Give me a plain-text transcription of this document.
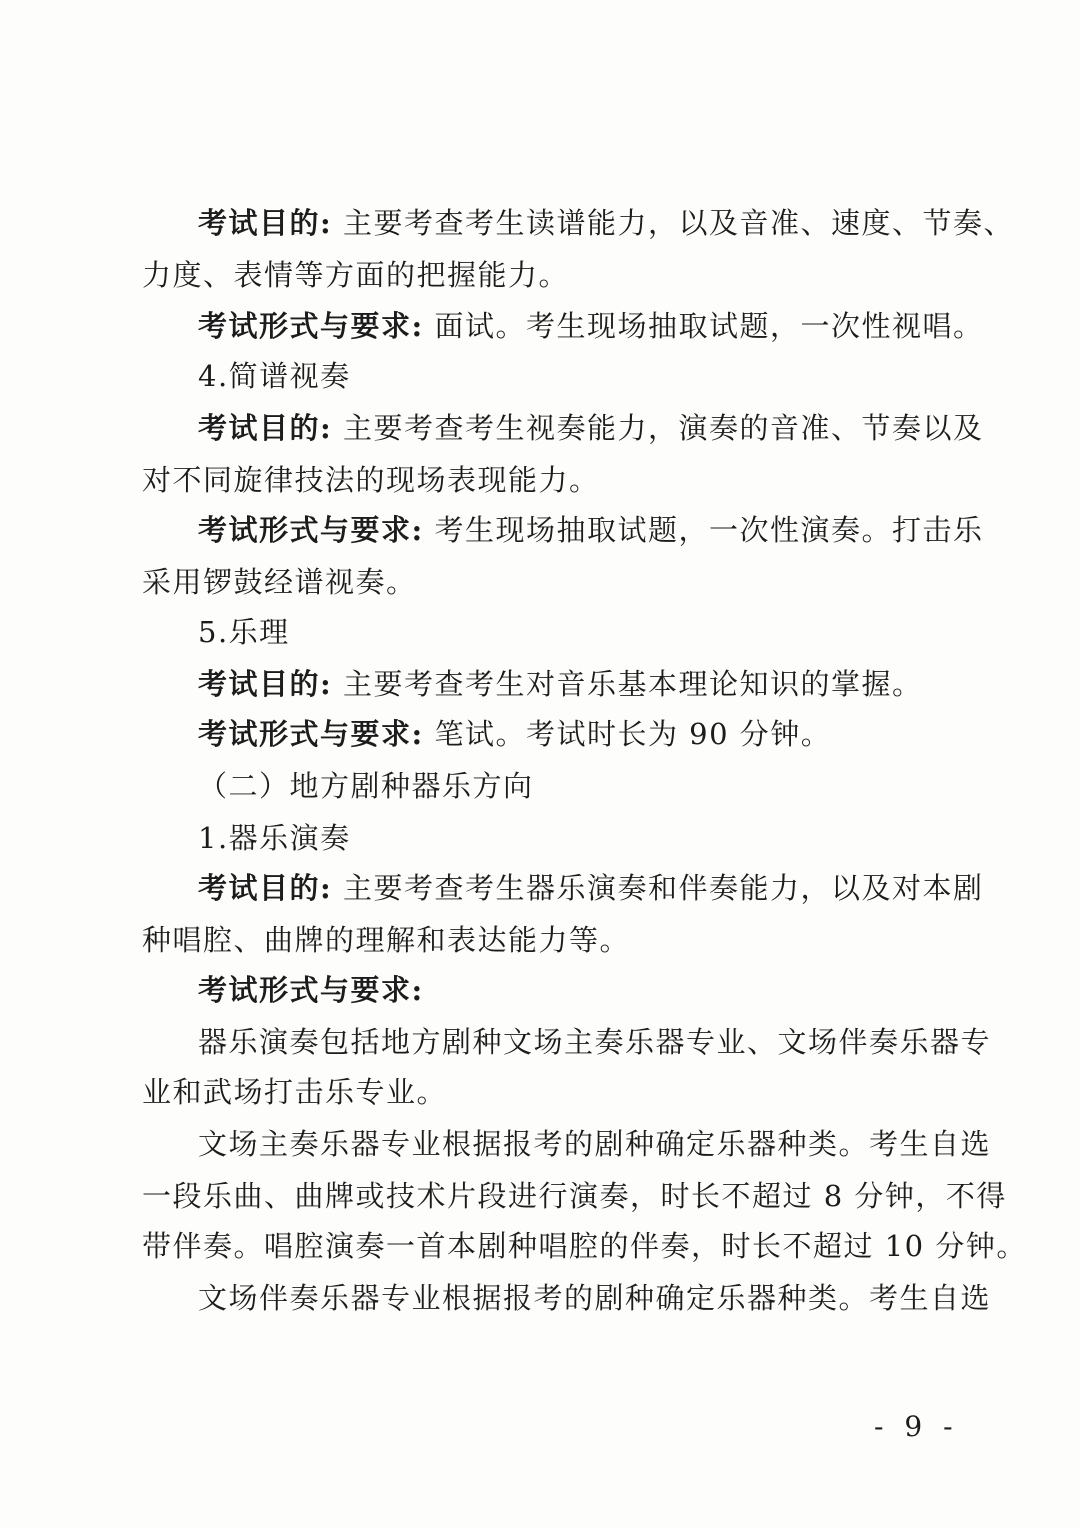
考试目的: 主要考查考生读谱能力，以及音准、速度、节奏、
力度、表情等方面的把握能力。
考试形式与要求: 面试。考生现场抽取试题，一次性视唱。
4.简谱视奏
考试目的: 主要考查考生视奏能力，演奏的音准、节奏以及
对不同旋律技法的现场表现能力。
考试形式与要求: 考生现场抽取试题，一次性演奏。打击乐
采用锣鼓经谱视奏。
5.乐理
考试目的: 主要考查考生对音乐基本理论知识的掌握。
考试形式与要求: 笔试。考试时长为 90 分钟。
（二）地方剧种器乐方向
1.器乐演奏
考试目的: 主要考查考生器乐演奏和伴奏能力，以及对本剧
种唱腔、曲牌的理解和表达能力等。
考试形式与要求:
器乐演奏包括地方剧种文场主奏乐器专业、文场伴奏乐器专
业和武场打击乐专业。
文场主奏乐器专业根据报考的剧种确定乐器种类。考生自选
一段乐曲、曲牌或技术片段进行演奏，时长不超过 8 分钟，不得
带伴奏。唱腔演奏一首本剧种唱腔的伴奏，时长不超过 10 分钟。
文场伴奏乐器专业根据报考的剧种确定乐器种类。考生自选
- 9 -
